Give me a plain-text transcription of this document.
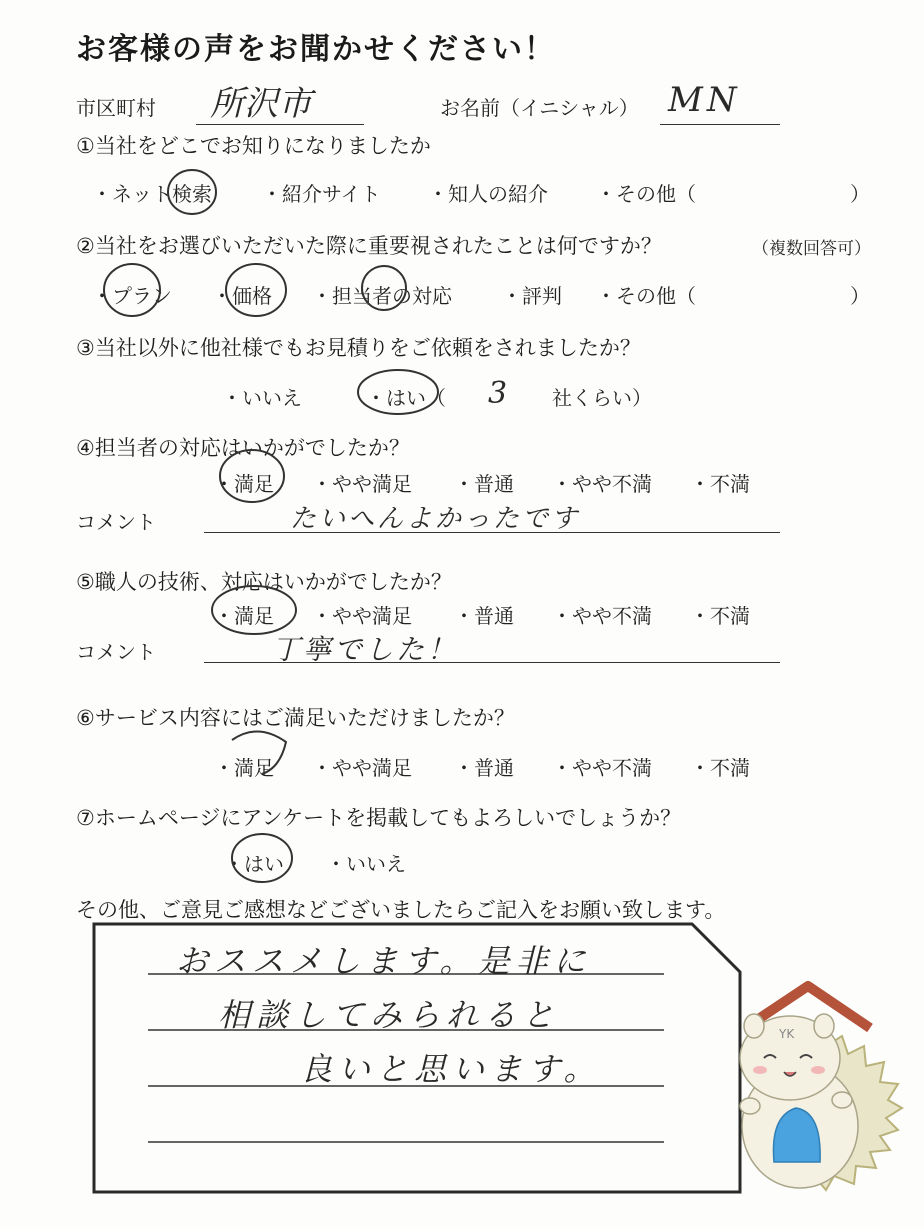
お客様の声をお聞かせください！
市区町村 所沢市	お名前（イニシャル） MN
①当社をどこでお知りになりましたか
・ネット検索	・紹介サイト ・知人の紹介 ・その他（	）
②当社をお選びいただいた際に重要視されたことは何ですか？	（複数回答可）
・プラン ・価格 ・担当者の対応	・評判 ・その他（	）
③当社以外に他社様でもお見積りをご依頼をされましたか？
・いいえ	・はい（ 3 社くらい）
④担当者の対応はいかがでしたか？
・満足 ・やや満足 ・普通 ・やや不満 ・不満
コメント	たいへんよかったです
⑤職人の技術、対応はいかがでしたか？
・満足 ・やや満足 ・普通 ・やや不満 ・不満
コメント	丁寧でした！
⑥サービス内容にはご満足いただけましたか？
・満足 ・やや満足 ・普通 ・やや不満 ・不満
⑦ホームページにアンケートを掲載してもよろしいでしょうか？
・はい ・いいえ
その他、ご意見ご感想などございましたらご記入をお願い致します。
おススメします。是非に
相談してみられると
良いと思います。
YK
